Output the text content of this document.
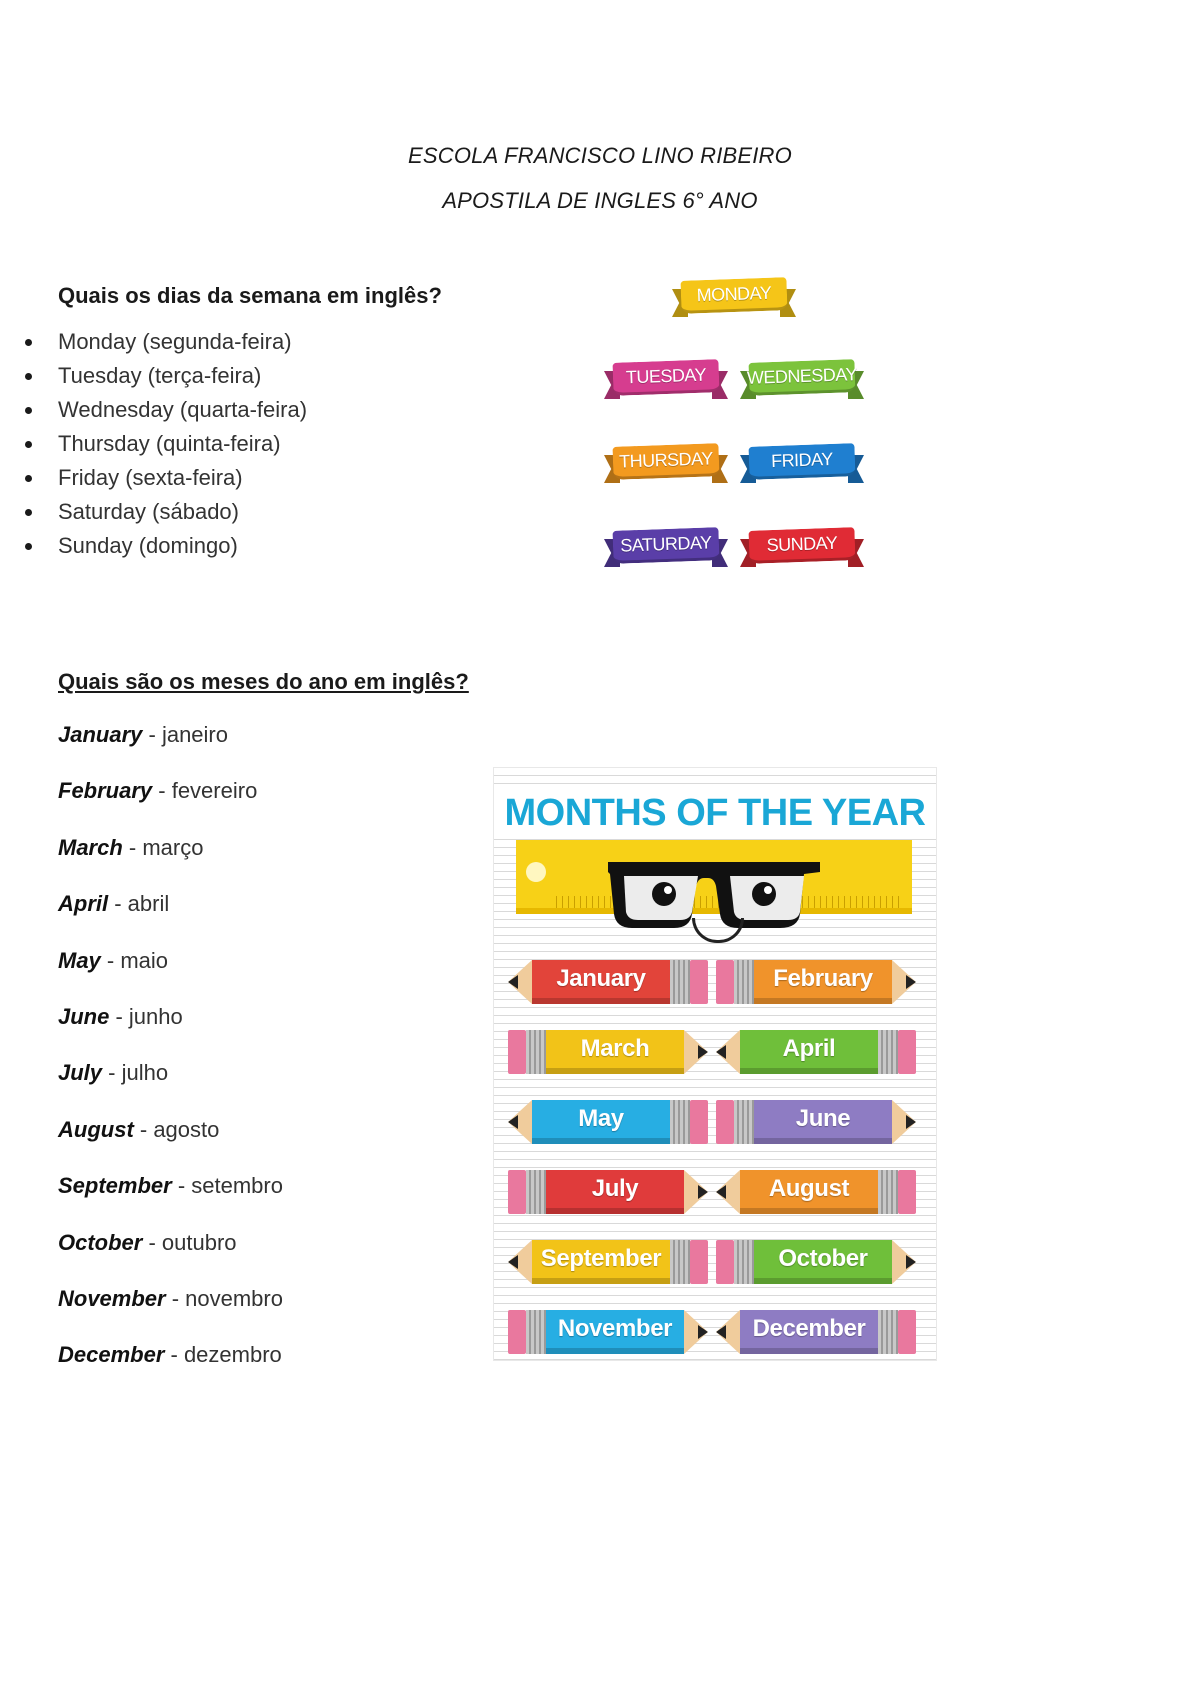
ESCOLA FRANCISCO LINO RIBEIRO
APOSTILA DE INGLES 6° ANO
Quais os dias da semana em inglês?
Monday (segunda-feira)
Tuesday (terça-feira)
Wednesday (quarta-feira)
Thursday (quinta-feira)
Friday (sexta-feira)
Saturday (sábado)
Sunday (domingo)
MONDAY
TUESDAY	WEDNESDAY
THURSDAY	FRIDAY
SATURDAY	SUNDAY
Quais são os meses do ano em inglês?
January - janeiro
February - fevereiro
March - março
April - abril
May - maio
June - junho
July - julho
August - agosto
September - setembro
October - outubro
November - novembro
December - dezembro
MONTHS OF THE YEAR
January	February
March	April
May	June
July	August
September	October
November	December
